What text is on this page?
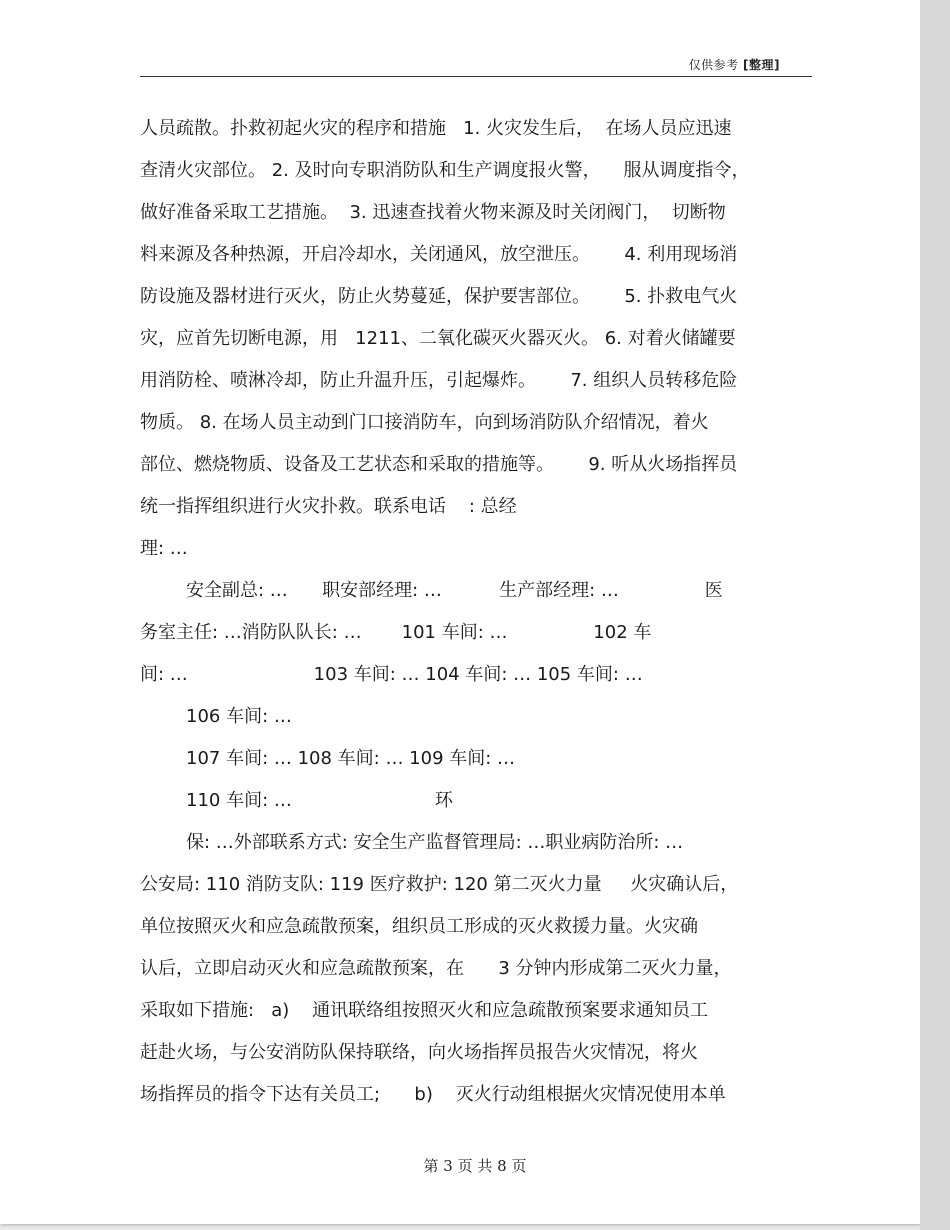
仅供参考 [整理]
人员疏散。扑救初起火灾的程序和措施   1. 火灾发生后，  在场人员应迅速
查清火灾部位。 2. 及时向专职消防队和生产调度报火警，    服从调度指令，
做好准备采取工艺措施。  3. 迅速查找着火物来源及时关闭阀门，  切断物
料来源及各种热源，开启冷却水，关闭通风，放空泄压。      4. 利用现场消
防设施及器材进行灭火，防止火势蔓延，保护要害部位。      5. 扑救电气火
灾，应首先切断电源，用   1211、二氧化碳灭火器灭火。 6. 对着火储罐要
用消防栓、喷淋冷却，防止升温升压，引起爆炸。      7. 组织人员转移危险
物质。 8. 在场人员主动到门口接消防车，向到场消防队介绍情况，着火
部位、燃烧物质、设备及工艺状态和采取的措施等。      9. 听从火场指挥员
统一指挥组织进行火灾扑救。联系电话    : 总经
理: …
安全副总: …      职安部经理: …          生产部经理: …               医
务室主任: …消防队队长: …       101 车间: …               102 车
间: …                      103 车间: … 104 车间: … 105 车间: …
106 车间: …
107 车间: … 108 车间: … 109 车间: …
110 车间: …                         环
保: …外部联系方式: 安全生产监督管理局: …职业病防治所: …
公安局: 110 消防支队: 119 医疗救护: 120 第二灭火力量     火灾确认后，
单位按照灭火和应急疏散预案，组织员工形成的灭火救援力量。火灾确
认后，立即启动灭火和应急疏散预案，在      3 分钟内形成第二灭火力量，
采取如下措施:   a)    通讯联络组按照灭火和应急疏散预案要求通知员工
赶赴火场，与公安消防队保持联络，向火场指挥员报告火灾情况，将火
场指挥员的指令下达有关员工;      b)    灭火行动组根据火灾情况使用本单
第 3 页 共 8 页
